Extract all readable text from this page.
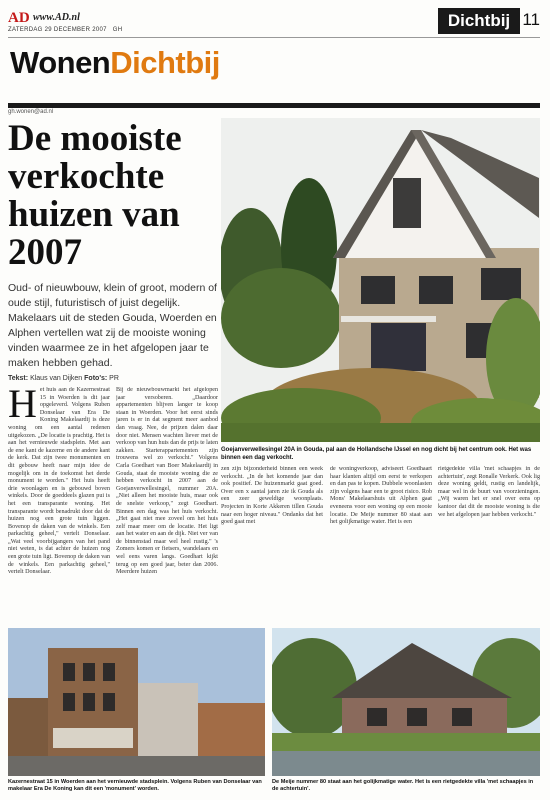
AD www.AD.nl
ZATERDAG 29 DECEMBER 2007 GH	Dichtbij 11
WonenDichtbij
gh.wonen@ad.nl
De mooiste verkochte huizen van 2007

Oud- of nieuwbouw, klein of groot, modern of oude stijl, futuristisch of juist degelijk. Makelaars uit de steden Gouda, Woerden en Alphen vertellen wat zij de mooiste woning vinden waarmee ze in het afgelopen jaar te maken hebben gehad.

Tekst: Klaus van Dijken Foto's: PR
Goejanverwellesingel 20A in Gouda, pal aan de Hollandsche IJssel en nog dicht bij het centrum ook. Het was binnen een dag verkocht.
Het huis aan de Kazernestraat 15 in Woerden is dit jaar opgeleverd. Volgens Ruben Donselaar van Era De Koning Makelaardij is deze woning om een aantal redenen uitgekozen. „De locatie is prachtig. Het is aan het vernieuwde stadsplein. Met aan de ene kant de kazerne en de andere kant de kerk. Dat zijn twee monumenten en dit gebouw heeft naar mijn idee de mogelijk om in de toekomst het derde monument te worden." Het huis heeft drie woonlagen en is gebouwd boven winkels. Door de goeddeels glazen pui is het een transparante woning. Het transparante wordt benadrukt door dat de huizen nog een grote tuin liggen. Bovenop de daken van de winkels. Een parkachtig geheel," vertelt Donselaar. „Wat veel voorbijgangers van het pand niet weten, is dat achter de huizen nog een grote tuin ligt. Bovenop de daken van de winkels. Een parkachtig geheel," vertelt Donselaar.
Bij de nieuwbouwmarkt het afgelopen jaar versoberen. „Daardoor appartementen blijven langer te koop staan in Woerden. Voor het eerst sinds jaren is er in dat segment meer aanbod dan vraag. Nee, de prijzen dalen daar door niet. Mensen wachten liever met de verkoop van hun huis dan de prijs te laten zakken. Starterappartementen zijn trouwens wel zo verkocht." Volgens Carla Goedhart van Boer Makelaardij in Gouda, staat de mooiste woning die ze hebben verkocht in 2007 aan de Goejanverwellesingel, nummer 20A. „Niet alleen het mooiste huis, maar ook de snelste verkoop," zegt Goedhart. Binnen een dag was het huis verkocht. „Het gaat niet mee zoveel om het huis zelf maar meer om de locatie. Het ligt aan het water en aan de dijk. Niet ver van de binnenstad maar wel heel rustig." 's Zomers komen er fietsers, wandelaars en wel eens varen langs. Goedhart kijkt terug op een goed jaar, beter dan 2006. Meerdere huizen
zen zijn bijzonderheid binnen een week verkocht. „In de het komende jaar dan ook positief. De huizenmarkt gaat goed. Over een x aantal jaren zie ik Gouda als een zeer geweldige woonplaats. Projecten in Korte Akkeren tillen Gouda naar een hoger niveau." Ondanks dat het goed gaat met
de woningverkoop, adviseert Goedhaart haar klanten altijd om eerst te verkopen en dan pas te kopen. Dubbele woonlasten zijn volgens haar een te groot risico. Rob Mons' Makelaarshuis uit Alphen gaat eveneens voor een woning op een mooie locatie. De Meije nummer 80 staat aan het golijkmatige water. Het is een
rietgedekte villa 'met schaapjes in de achtertuin', zegt Ronalle Verkerk. Ook lig deze woning geldt, rustig en landelijk, maar wel in de buurt van voorzieningen. „Wij waren het er snel over eens op kantoor dat dit de mooiste woning is die we het afgelopen jaar hebben verkocht."
Kazernestraat 15 in Woerden aan het vernieuwde stadsplein. Volgens Ruben van Donselaar van makelaar Era De Koning kan dit een 'monument' worden.
De Meije nummer 80 staat aan het golijkmatige water. Het is een rietgedekte villa 'met schaapjes in de achtertuin'.
